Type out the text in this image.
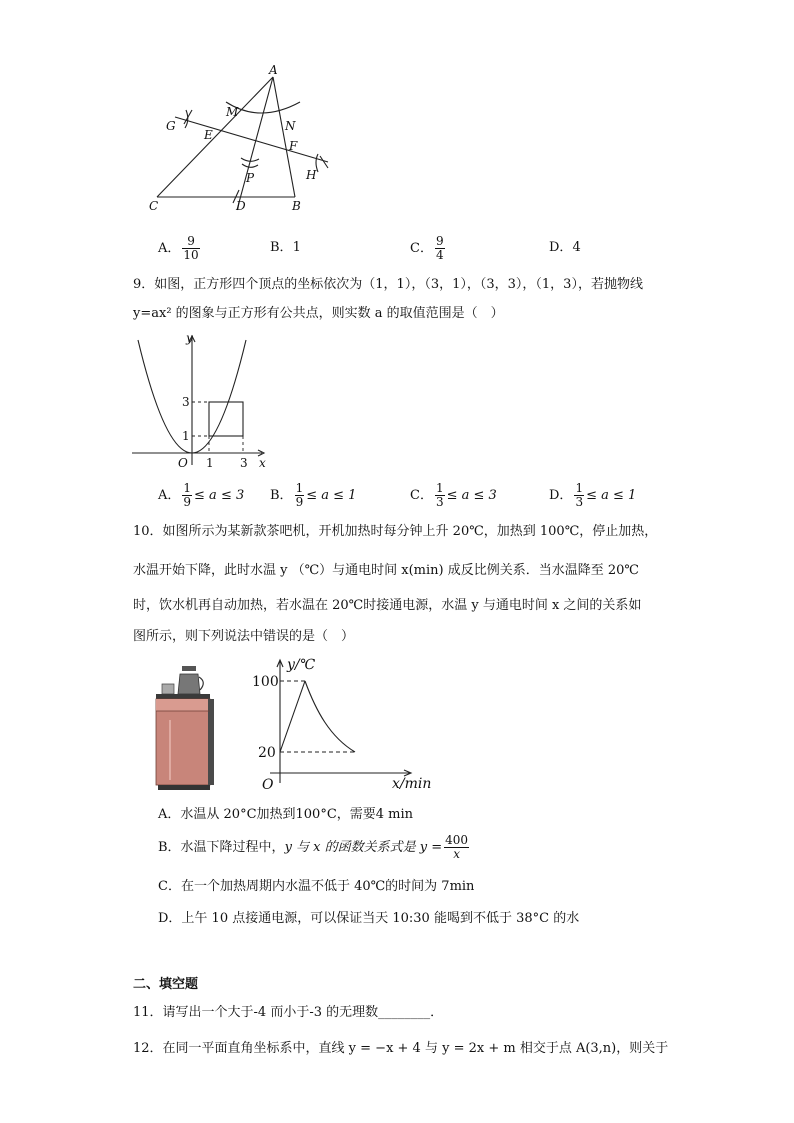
A
M
N
G
E
F
P	H
C	D	B
A． $\frac{9}{10}$	B．1	C． $\frac{9}{4}$	D．4
9．如图，正方形四个顶点的坐标依次为（1，1），（3，1），（3，3），（1，3），若抛物线
y=ax² 的图象与正方形有公共点，则实数 a 的取值范围是（　）
y
x
O 1 3
1
3
A． $\frac{1}{9} \le a \le 3$ B． $\frac{1}{9} \le a \le 1$	C． $\frac{1}{3} \le a \le 3$	D． $\frac{1}{3} \le a \le 1$
10．如图所示为某新款茶吧机，开机加热时每分钟上升 20℃，加热到 100℃，停止加热，
水温开始下降，此时水温 y （℃）与通电时间 x(min) 成反比例关系．当水温降至 20℃
时，饮水机再自动加热，若水温在 20℃时接通电源，水温 y 与通电时间 x 之间的关系如
图所示，则下列说法中错误的是（　）
y/℃
100
20
O	x/min
A．水温从 20°C加热到100°C，需要4 min
B．水温下降过程中，y 与 x 的函数关系式是 $y = \frac{400}{x}$
C．在一个加热周期内水温不低于 40℃的时间为 7min
D．上午 10 点接通电源，可以保证当天 10:30 能喝到不低于 38°C 的水
二、填空题
11．请写出一个大于-4 而小于-3 的无理数________．
12．在同一平面直角坐标系中，直线 y = −x + 4 与 y = 2x + m 相交于点 A(3,n)，则关于
